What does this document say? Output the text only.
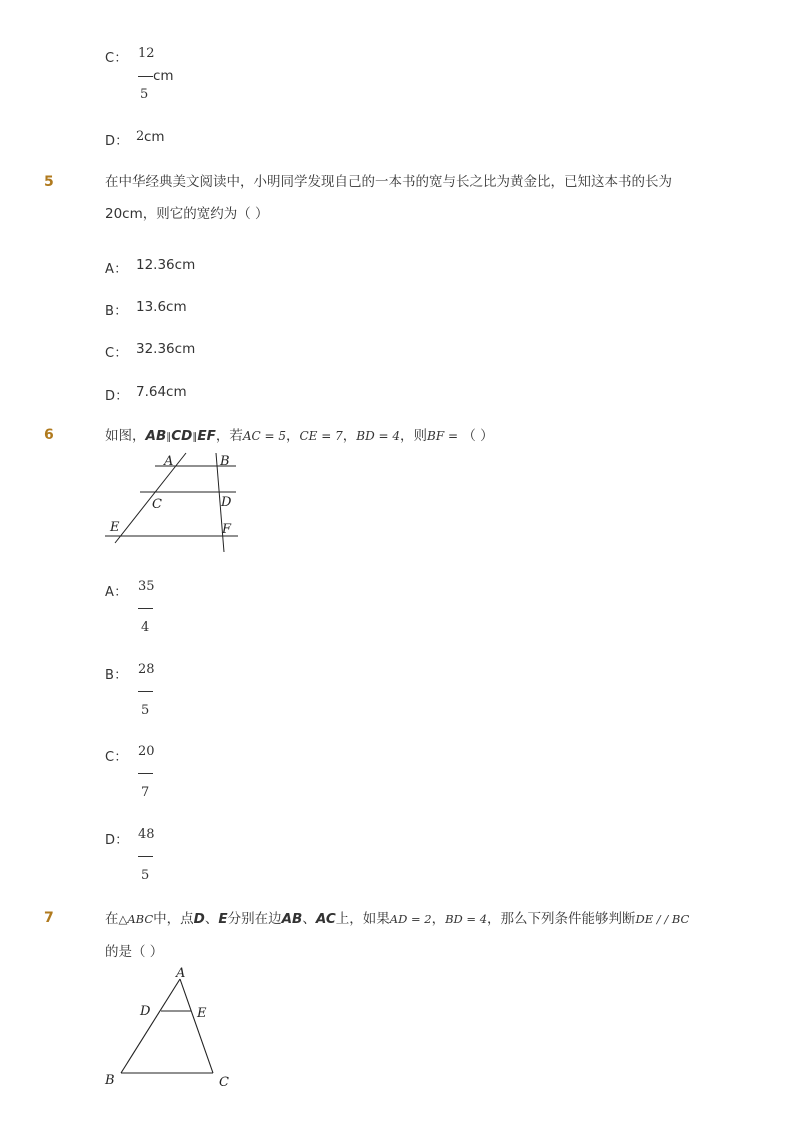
C： 12
cm
5
D： 2 cm
5	在中华经典美文阅读中，小明同学发现自己的一本书的宽与长之比为黄金比，已知这本书的长为
20cm，则它的宽约为（ ）
A： 12.36cm
B： 13.6cm
C： 32.36cm
D： 7.64cm
6	如图，AB∥CD∥EF，若AC = 5，CE = 7，BD = 4，则BF = （ ）
A	B
C	D
E	F
A： 35
4
B： 28
5
C： 20
7
D： 48
5
7	在△ABC中，点D、E分别在边AB、AC上，如果AD = 2，BD = 4，那么下列条件能够判断DE / / BC
的是（ ）
A
D	E
B	C
